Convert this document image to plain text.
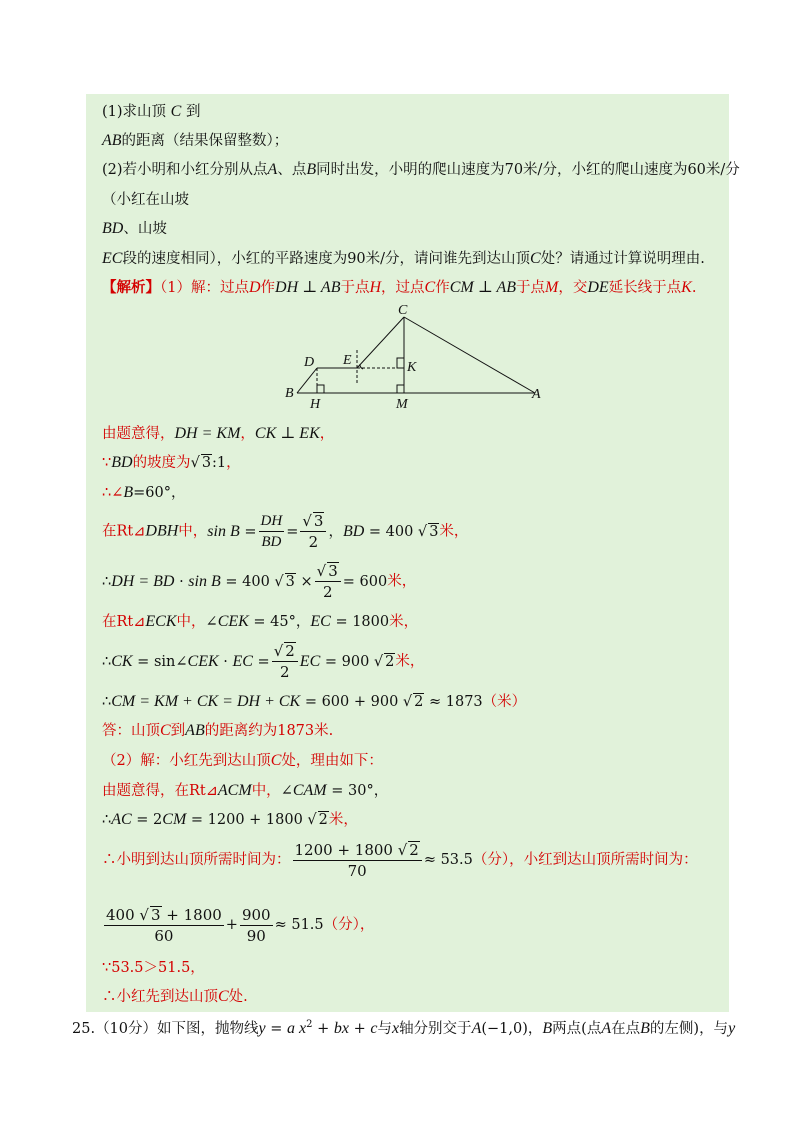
(1)求山顶 C 到
AB的距离（结果保留整数）；
(2)若小明和小红分别从点A、点B同时出发，小明的爬山速度为70米/分，小红的爬山速度为60米/分
（小红在山坡
BD、山坡
EC段的速度相同），小红的平路速度为90米/分，请问谁先到达山顶C处？请通过计算说明理由.
【解析】（1）解：过点D作DH ⊥ AB于点H，过点C作CM ⊥ AB于点M，交DE延长线于点K.
C
D E	K
B
H	M
A
由题意得，DH = KM，CK ⊥ EK，
∵BD的坡度为√ 3:1，
∴∠B=60°，
在Rt⊿DBH中，$\sin B = \frac{DH}{BD} = \frac{√ 3}{2}$ ，BD = 400 √ 3米，
∴DH = BD · sin B = 400 √ $3 \times \frac{√ 3}{2} = 600$米，
在Rt⊿ECK中，∠CEK = 45°，EC = 1800米，
∴CK = sin∠CEK · EC = $\frac{√ 2}{2}$ EC = 900 √ 2米，
∴CM = KM + CK = DH + CK = 600 + 900 √ 2 ≈ 1873（米）
答：山顶C到AB的距离约为1873米.
（2）解：小红先到达山顶C处，理由如下：
由题意得，在Rt⊿ACM中，∠CAM = 30°，
∴AC = 2CM = 1200 + 1800 √ 2米，
∴小明到达山顶所需时间为： $\frac{1200 + 1800 √ 2}{70} \approx 53.5$（分），小红到达山顶所需时间为：
$\frac{400 √ 3 + 1800}{60} + \frac{900}{90} \approx 51.5$（分），
∵53.5＞51.5，
∴小红先到达山顶C处.
25.（10分）如下图，抛物线y = a $x^2$ + bx + c与x轴分别交于A(−1,0)，B两点(点A在点B的左侧)，与y
